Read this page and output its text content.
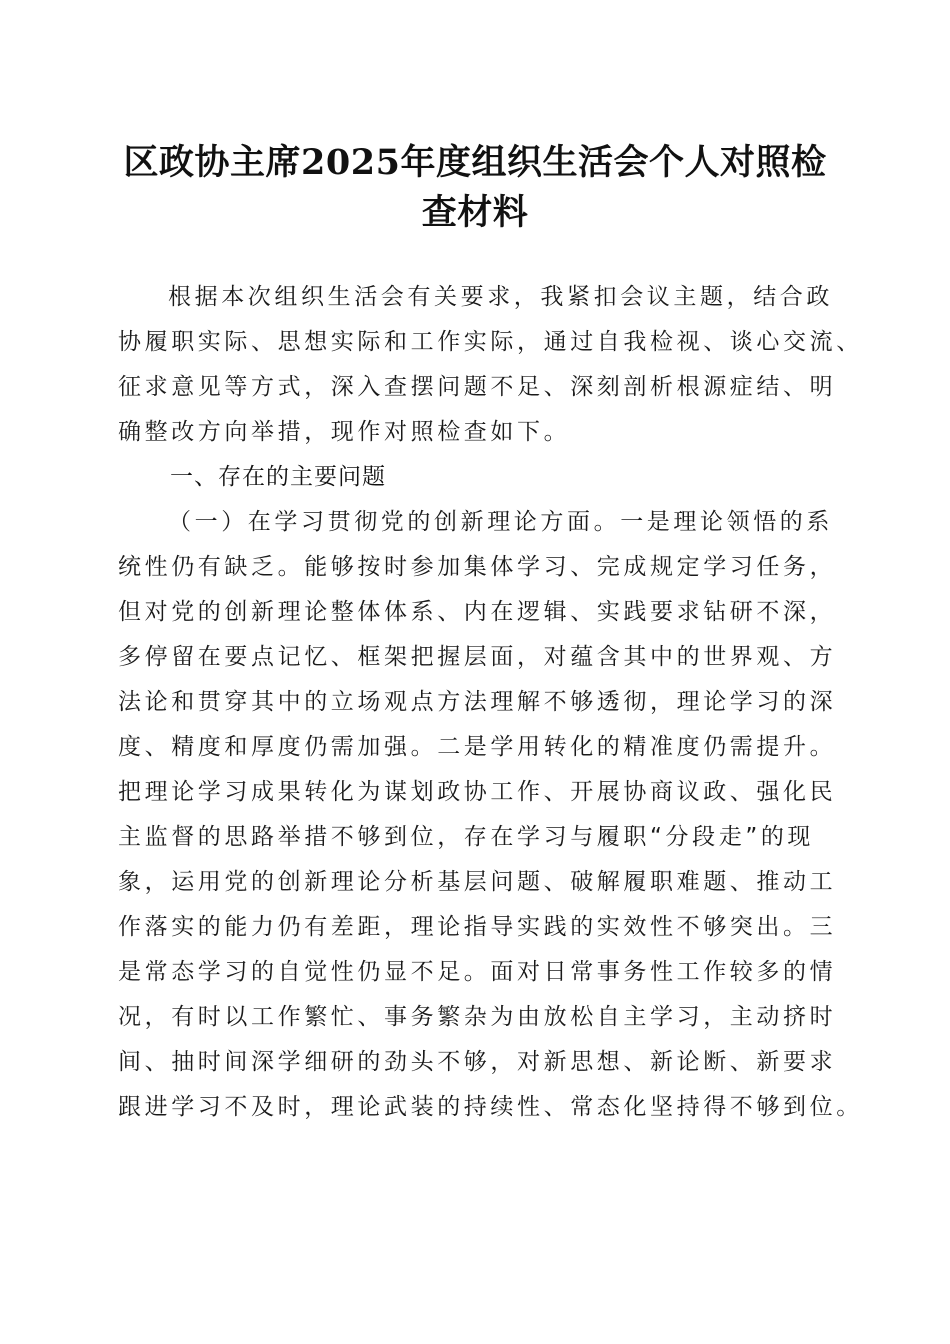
区政协主席2025年度组织生活会个人对照检
查材料
根据本次组织生活会有关要求，我紧扣会议主题，结合政
协履职实际、思想实际和工作实际，通过自我检视、谈心交流、
征求意见等方式，深入查摆问题不足、深刻剖析根源症结、明
确整改方向举措，现作对照检查如下。
一、存在的主要问题
（一）在学习贯彻党的创新理论方面。一是理论领悟的系
统性仍有缺乏。能够按时参加集体学习、完成规定学习任务，
但对党的创新理论整体体系、内在逻辑、实践要求钻研不深，
多停留在要点记忆、框架把握层面，对蕴含其中的世界观、方
法论和贯穿其中的立场观点方法理解不够透彻，理论学习的深
度、精度和厚度仍需加强。二是学用转化的精准度仍需提升。
把理论学习成果转化为谋划政协工作、开展协商议政、强化民
主监督的思路举措不够到位，存在学习与履职“分段走”的现
象，运用党的创新理论分析基层问题、破解履职难题、推动工
作落实的能力仍有差距，理论指导实践的实效性不够突出。三
是常态学习的自觉性仍显不足。面对日常事务性工作较多的情
况，有时以工作繁忙、事务繁杂为由放松自主学习，主动挤时
间、抽时间深学细研的劲头不够，对新思想、新论断、新要求
跟进学习不及时，理论武装的持续性、常态化坚持得不够到位。
